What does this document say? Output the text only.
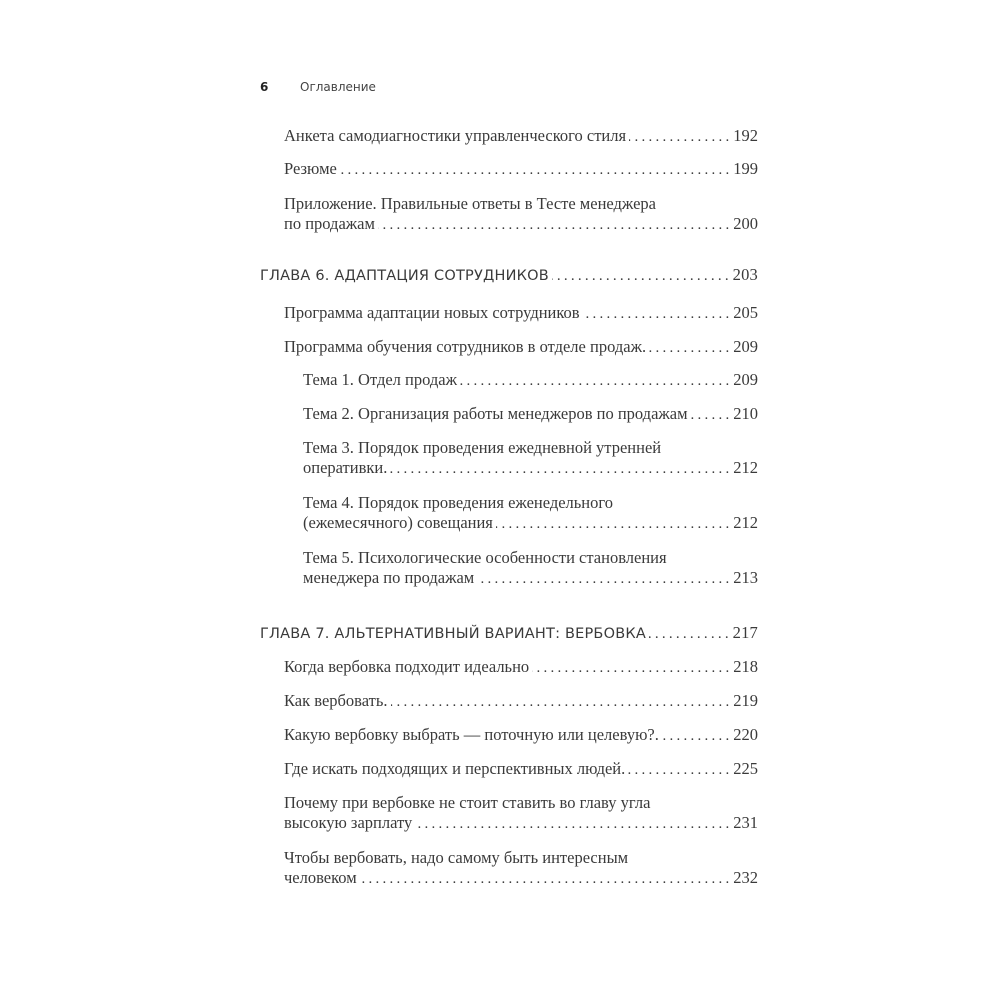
6	Оглавление
Анкета самодиагностики управленческого стиля . . .	192
Резюме . . .	199
Приложение. Правильные ответы в Тесте менеджера
по продажам . . .	200
ГЛАВА 6. АДАПТАЦИЯ СОТРУДНИКОВ . . .	203
Программа адаптации новых сотрудников . . .	205
Программа обучения сотрудников в отделе продаж. . . .	209
Тема 1. Отдел продаж . . .	209
Тема 2. Организация работы менеджеров по продажам . . .	210
Тема 3. Порядок проведения ежедневной утренней
оперативки. . . .	212
Тема 4. Порядок проведения еженедельного
(ежемесячного) совещания . . .	212
Тема 5. Психологические особенности становления
менеджера по продажам . . .	213
ГЛАВА 7. АЛЬТЕРНАТИВНЫЙ ВАРИАНТ: ВЕРБОВКА . . .	217
Когда вербовка подходит идеально . . .	218
Как вербовать. . . .	219
Какую вербовку выбрать — поточную или целевую?. . . .	220
Где искать подходящих и перспективных людей. . . .	225
Почему при вербовке не стоит ставить во главу угла
высокую зарплату . . .	231
Чтобы вербовать, надо самому быть интересным
человеком . . .	232
